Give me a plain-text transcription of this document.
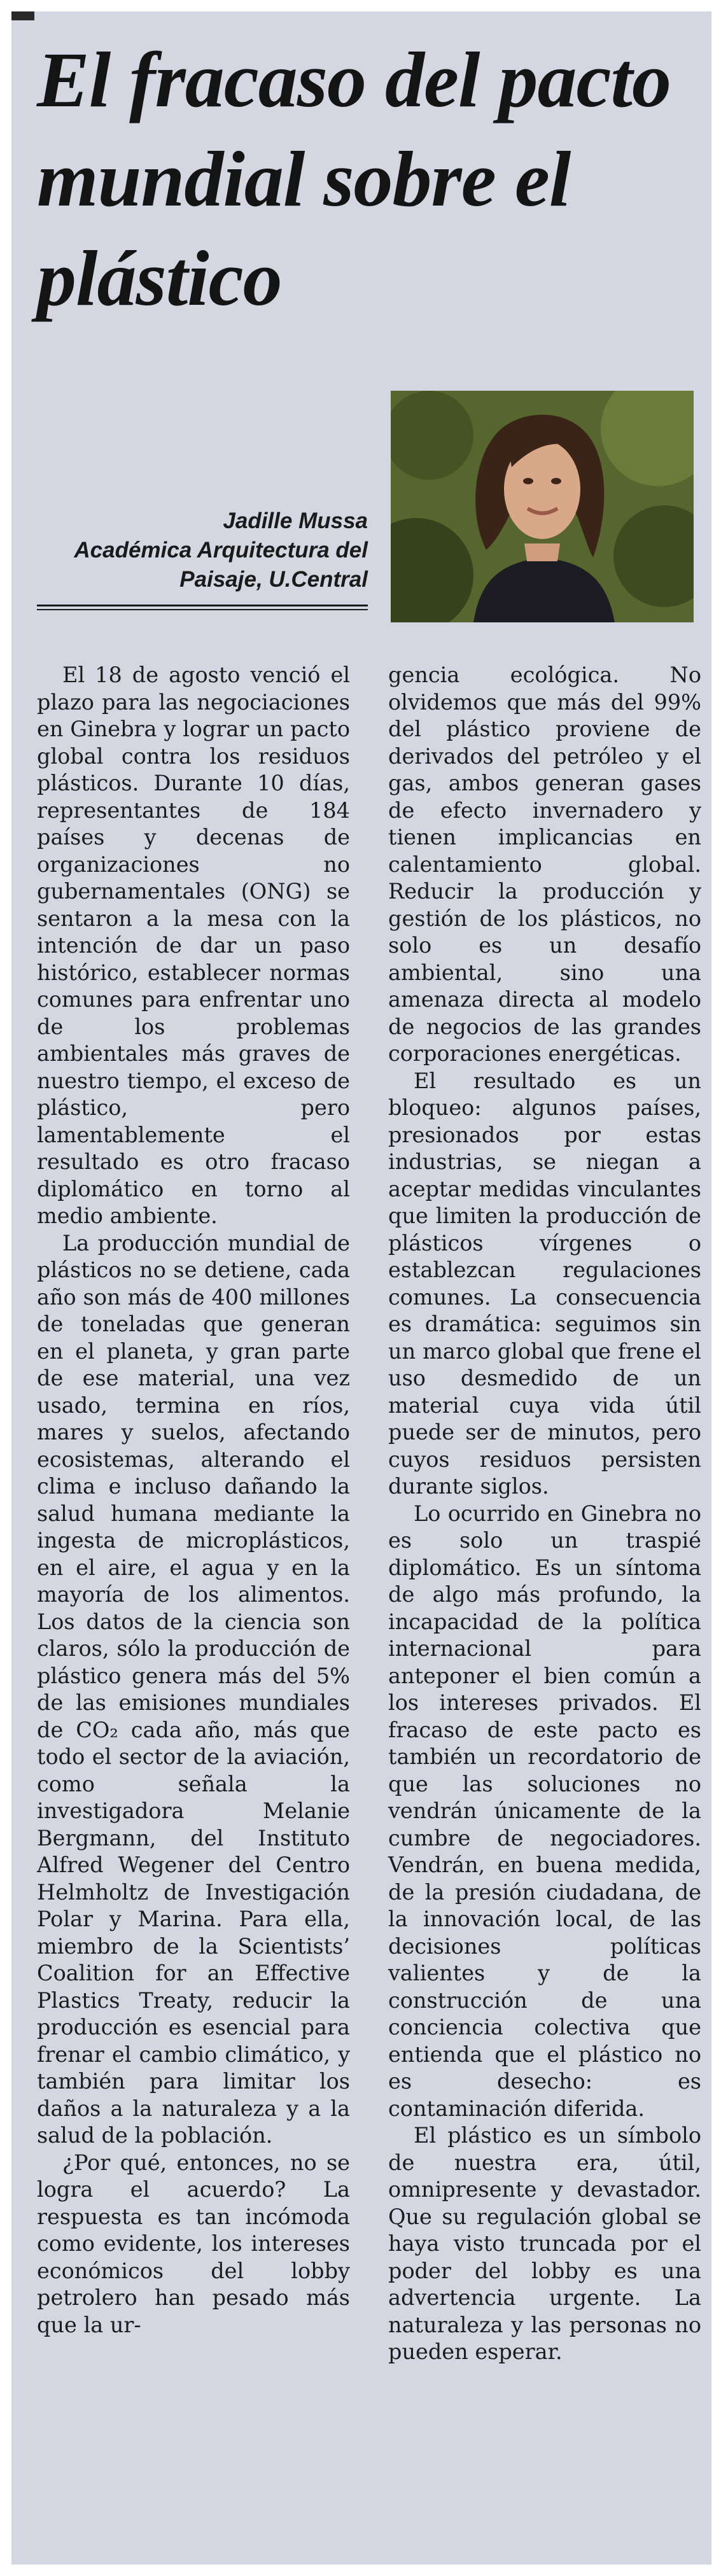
El fracaso del pacto mundial sobre el plástico
Jadille Mussa
Académica Arquitectura del Paisaje, U.Central

El 18 de agosto venció el plazo para las negociaciones en Ginebra y lograr un pacto global contra los residuos plásticos. Durante 10 días, representantes de 184 países y decenas de organizaciones no gubernamentales (ONG) se sentaron a la mesa con la intención de dar un paso histórico, establecer normas comunes para enfrentar uno de los problemas ambientales más graves de nuestro tiempo, el exceso de plástico, pero lamentablemente el resultado es otro fracaso diplomático en torno al medio ambiente.

La producción mundial de plásticos no se detiene, cada año son más de 400 millones de toneladas que generan en el planeta, y gran parte de ese material, una vez usado, termina en ríos, mares y suelos, afectando ecosistemas, alterando el clima e incluso dañando la salud humana mediante la ingesta de microplásticos, en el aire, el agua y en la mayoría de los alimentos. Los datos de la ciencia son claros, sólo la producción de plástico genera más del 5% de las emisiones mundiales de CO₂ cada año, más que todo el sector de la aviación, como señala la investigadora Melanie Bergmann, del Instituto Alfred Wegener del Centro Helmholtz de Investigación Polar y Marina. Para ella, miembro de la Scientists’ Coalition for an Effective Plastics Treaty, reducir la producción es esencial para frenar el cambio climático, y también para limitar los daños a la naturaleza y a la salud de la población.

¿Por qué, entonces, no se logra el acuerdo? La respuesta es tan incómoda como evidente, los intereses económicos del lobby petrolero han pesado más que la ur-

gencia ecológica. No olvidemos que más del 99% del plástico proviene de derivados del petróleo y el gas, ambos generan gases de efecto invernadero y tienen implicancias en calentamiento global. Reducir la producción y gestión de los plásticos, no solo es un desafío ambiental, sino una amenaza directa al modelo de negocios de las grandes corporaciones energéticas.

El resultado es un bloqueo: algunos países, presionados por estas industrias, se niegan a aceptar medidas vinculantes que limiten la producción de plásticos vírgenes o establezcan regulaciones comunes. La consecuencia es dramática: seguimos sin un marco global que frene el uso desmedido de un material cuya vida útil puede ser de minutos, pero cuyos residuos persisten durante siglos.

Lo ocurrido en Ginebra no es solo un traspié diplomático. Es un síntoma de algo más profundo, la incapacidad de la política internacional para anteponer el bien común a los intereses privados. El fracaso de este pacto es también un recordatorio de que las soluciones no vendrán únicamente de la cumbre de negociadores. Vendrán, en buena medida, de la presión ciudadana, de la innovación local, de las decisiones políticas valientes y de la construcción de una conciencia colectiva que entienda que el plástico no es desecho: es contaminación diferida.

El plástico es un símbolo de nuestra era, útil, omnipresente y devastador. Que su regulación global se haya visto truncada por el poder del lobby es una advertencia urgente. La naturaleza y las personas no pueden esperar.
